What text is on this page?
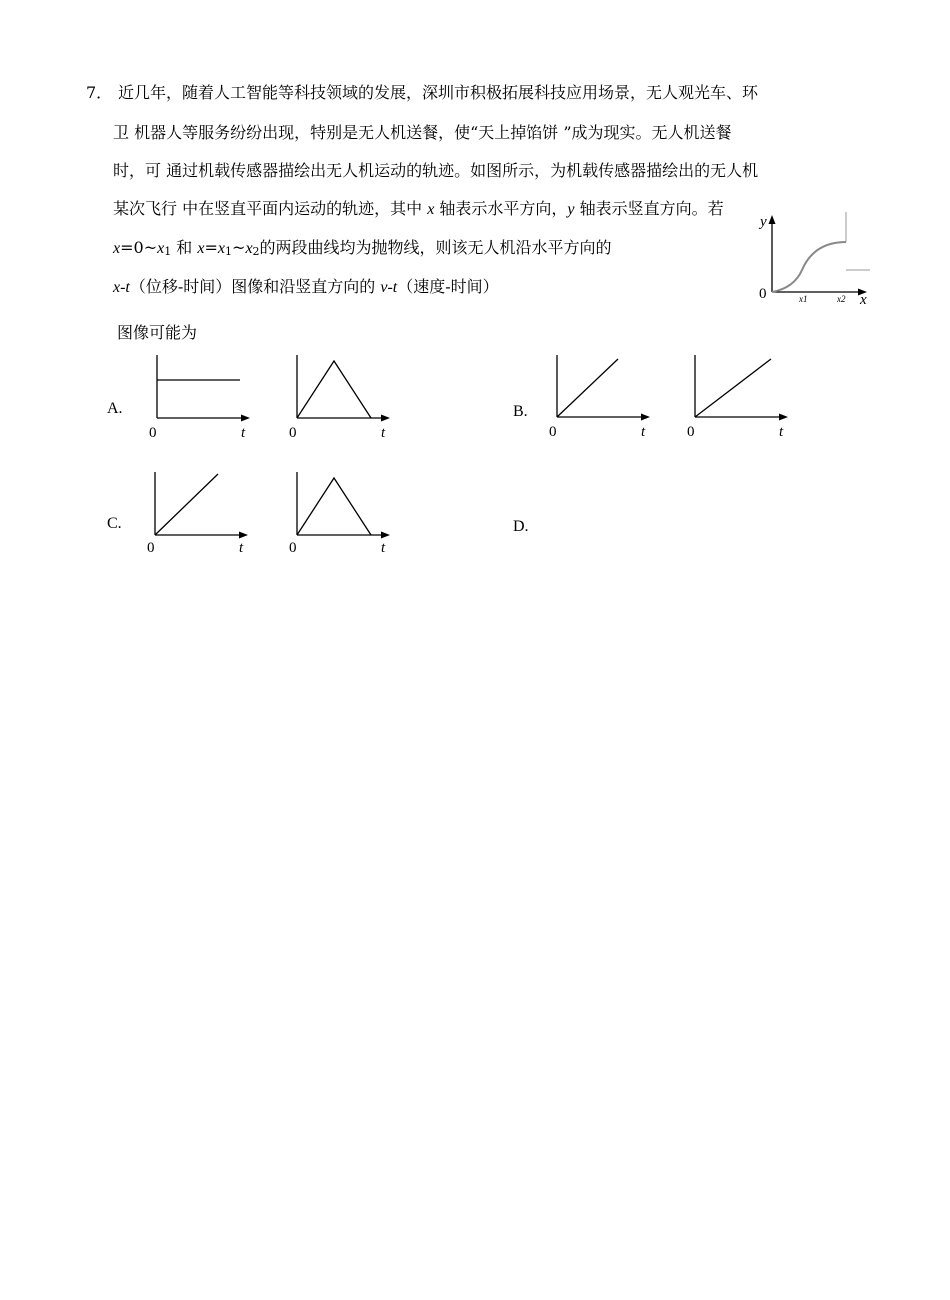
7． 近几年，随着人工智能等科技领域的发展，深圳市积极拓展科技应用场景，无人观光车、环
卫 机器人等服务纷纷出现，特别是无人机送餐，使“天上掉馅饼 ”成为现实。无人机送餐
时，可 通过机载传感器描绘出无人机运动的轨迹。如图所示，为机载传感器描绘出的无人机
某次飞行 中在竖直平面内运动的轨迹，其中 x 轴表示水平方向，y 轴表示竖直方向。若
x=0~x1 和 x=x1~x2的两段曲线均为抛物线，则该无人机沿水平方向的
x-t（位移-时间）图像和沿竖直方向的 v-t（速度-时间）
图像可能为
y
0	x1	x2 x
A.
0	t	0	t
B.
0	t	0	t
C.
0	t	0	t
D.
